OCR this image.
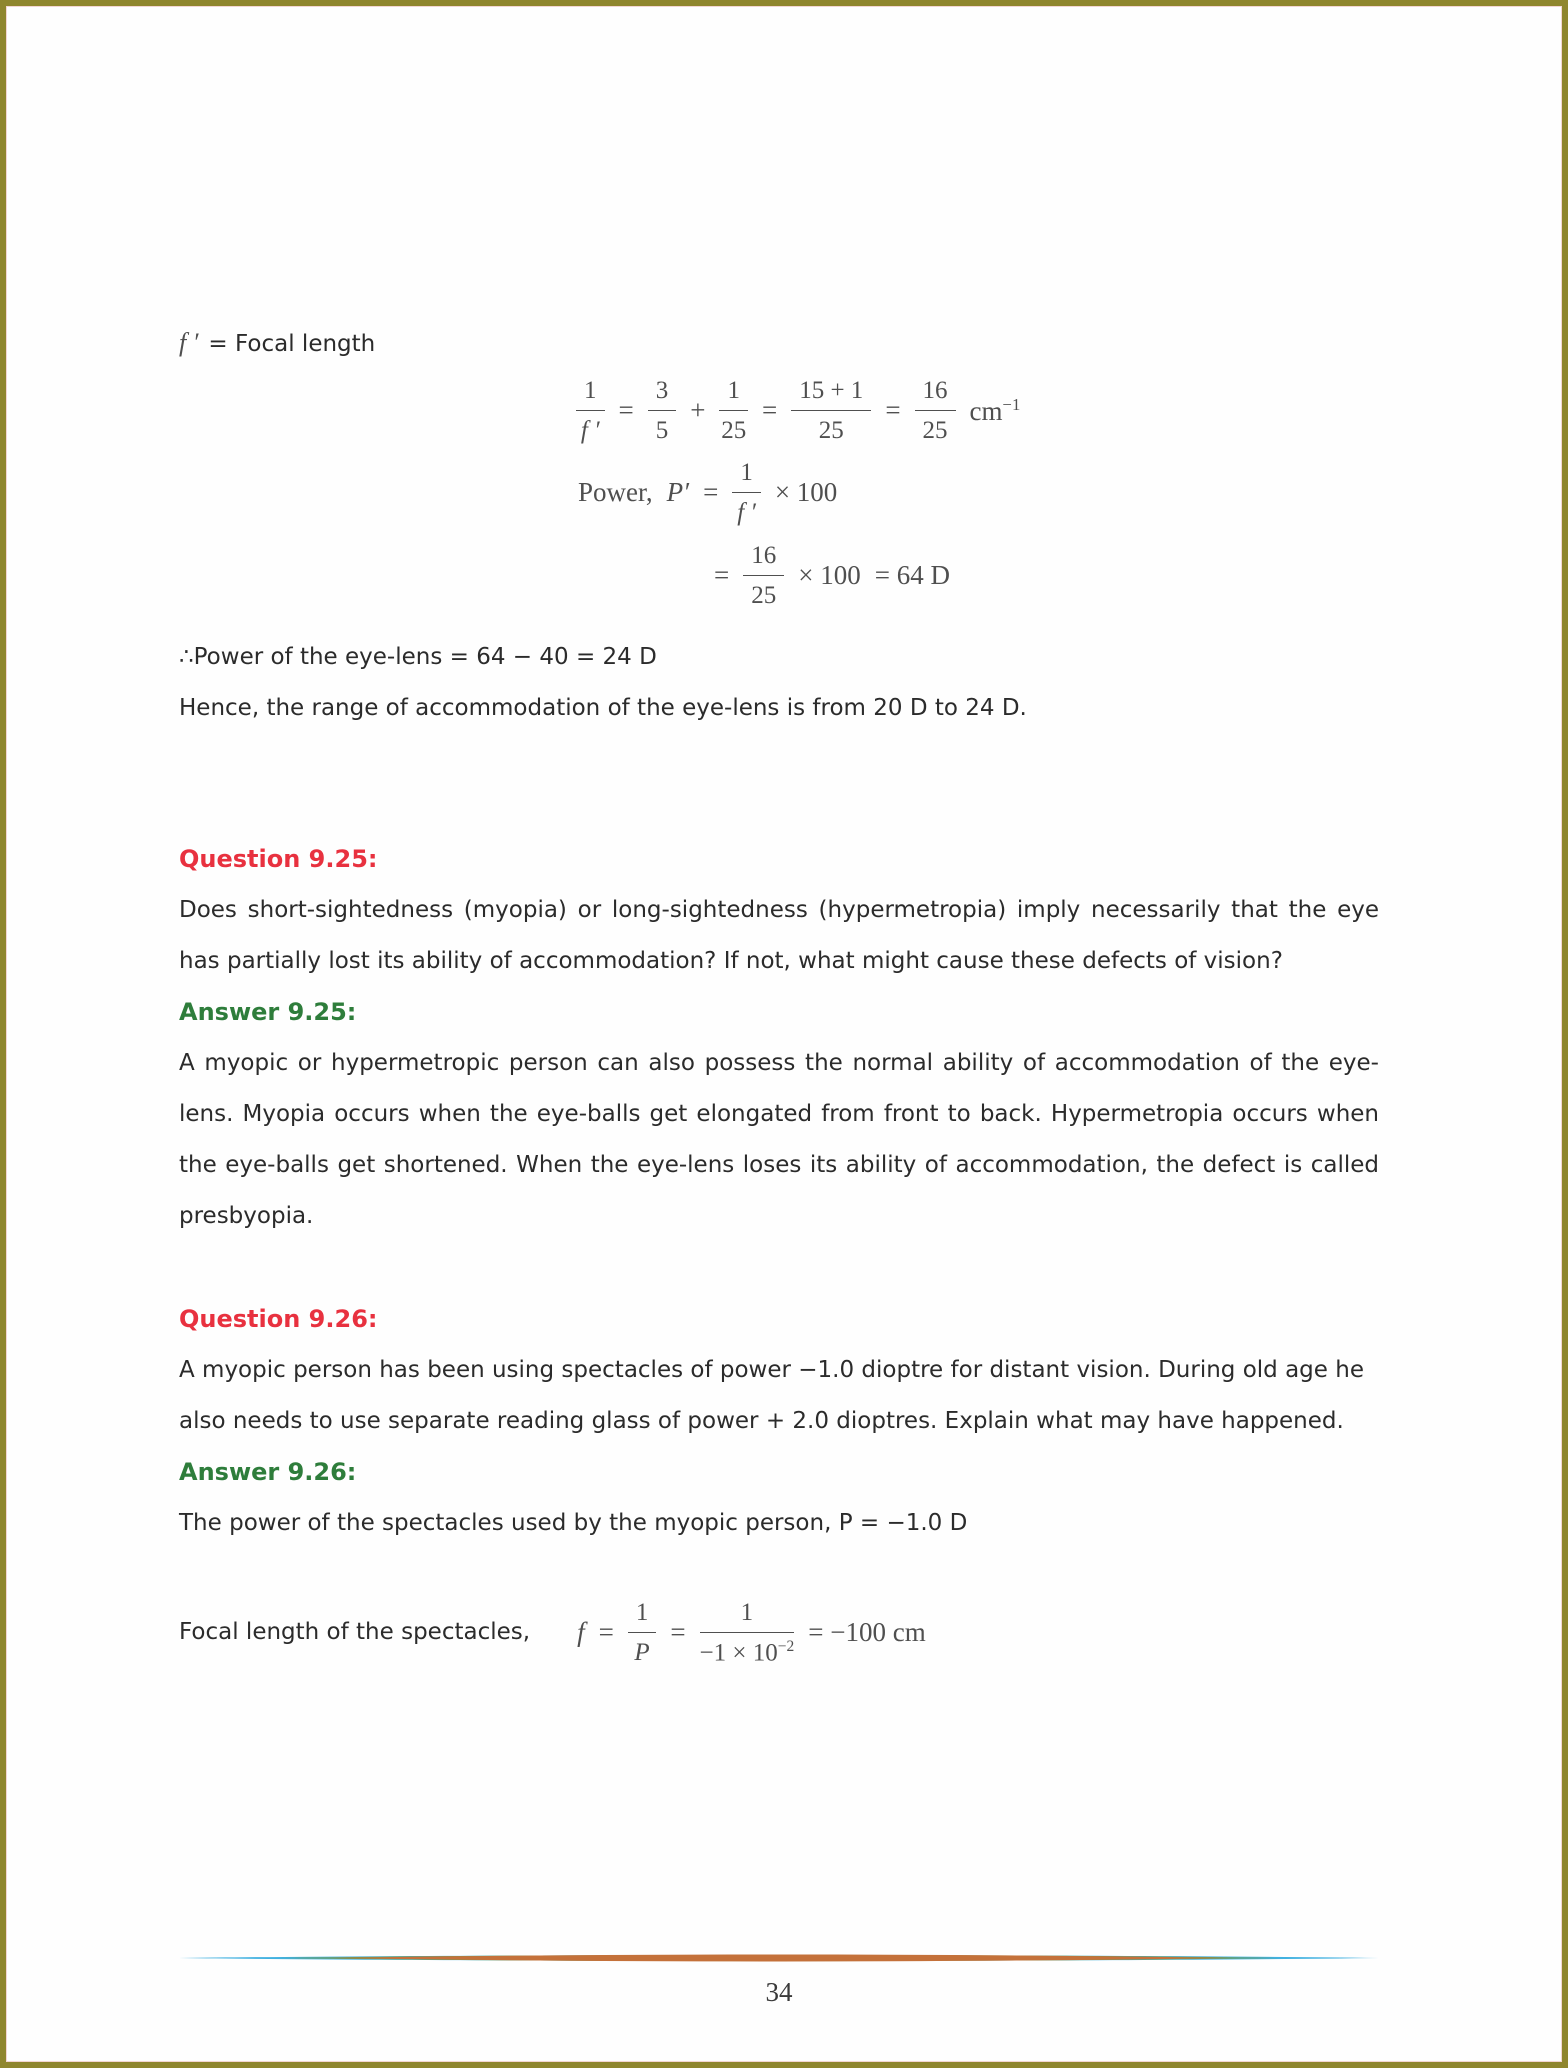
f ′ = Focal length
$\frac{1}{f '} = \frac{3}{5} + \frac{1}{25} = \frac{15 + 1}{25} = \frac{16}{25} cm^{-1}$
Power, $P' = \frac{1}{f '} \times 100$
= $\frac{16}{25} \times 100 = 64$ D

∴Power of the eye-lens = 64 − 40 = 24 D

Hence, the range of accommodation of the eye-lens is from 20 D to 24 D.

Question 9.25:

Does short-sightedness (myopia) or long-sightedness (hypermetropia) imply necessarily that the eye has partially lost its ability of accommodation? If not, what might cause these defects of vision?

Answer 9.25:

A myopic or hypermetropic person can also possess the normal ability of accommodation of the eye-lens. Myopia occurs when the eye-balls get elongated from front to back. Hypermetropia occurs when the eye-balls get shortened. When the eye-lens loses its ability of accommodation, the defect is called presbyopia.

Question 9.26:

A myopic person has been using spectacles of power −1.0 dioptre for distant vision. During old age he also needs to use separate reading glass of power + 2.0 dioptres. Explain what may have happened.

Answer 9.26:

The power of the spectacles used by the myopic person, P = −1.0 D

Focal length of the spectacles, $f = \frac{1}{P} = \frac{1}{-1 \times 10^{-2}} = -100$ cm
34
